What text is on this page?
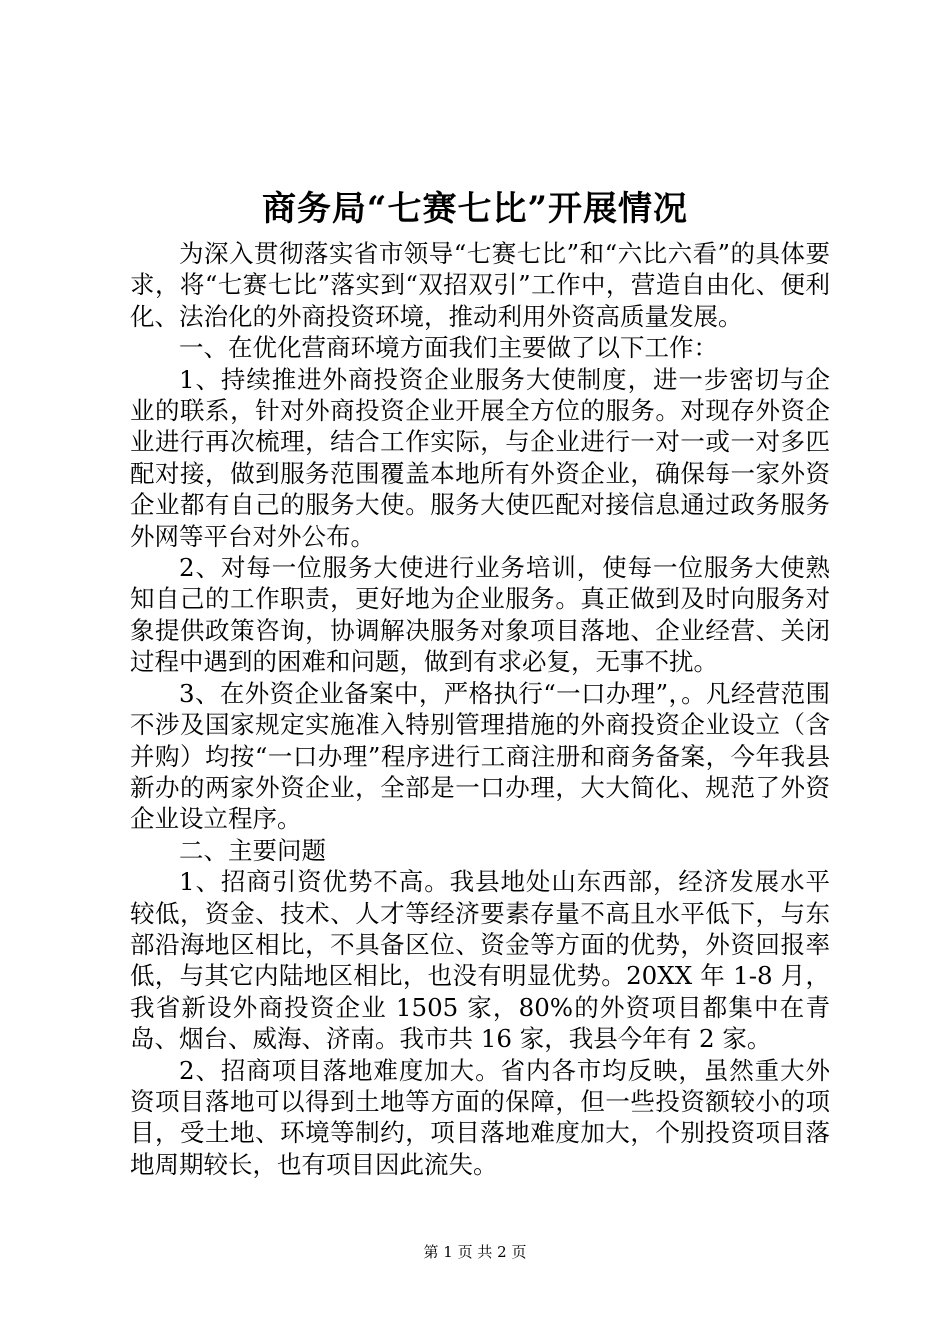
商务局“七赛七比”开展情况

为深入贯彻落实省市领导“七赛七比”和“六比六看”的具体要求，将“七赛七比”落实到“双招双引”工作中，营造自由化、便利化、法治化的外商投资环境，推动利用外资高质量发展。

一、在优化营商环境方面我们主要做了以下工作：

1、持续推进外商投资企业服务大使制度，进一步密切与企业的联系，针对外商投资企业开展全方位的服务。对现存外资企业进行再次梳理，结合工作实际，与企业进行一对一或一对多匹配对接，做到服务范围覆盖本地所有外资企业，确保每一家外资企业都有自己的服务大使。服务大使匹配对接信息通过政务服务外网等平台对外公布。

2、对每一位服务大使进行业务培训，使每一位服务大使熟知自己的工作职责，更好地为企业服务。真正做到及时向服务对象提供政策咨询，协调解决服务对象项目落地、企业经营、关闭过程中遇到的困难和问题，做到有求必复，无事不扰。

3、在外资企业备案中，严格执行“一口办理”，。凡经营范围不涉及国家规定实施准入特别管理措施的外商投资企业设立（含并购）均按“一口办理”程序进行工商注册和商务备案，今年我县新办的两家外资企业，全部是一口办理，大大简化、规范了外资企业设立程序。

二、主要问题

1、招商引资优势不高。我县地处山东西部，经济发展水平较低，资金、技术、人才等经济要素存量不高且水平低下，与东部沿海地区相比，不具备区位、资金等方面的优势，外资回报率低，与其它内陆地区相比，也没有明显优势。20XX 年 1-8 月，我省新设外商投资企业 1505 家，80%的外资项目都集中在青岛、烟台、威海、济南。我市共 16 家，我县今年有 2 家。

2、招商项目落地难度加大。省内各市均反映，虽然重大外资项目落地可以得到土地等方面的保障，但一些投资额较小的项目，受土地、环境等制约，项目落地难度加大，个别投资项目落地周期较长，也有项目因此流失。

第 1 页 共 2 页
